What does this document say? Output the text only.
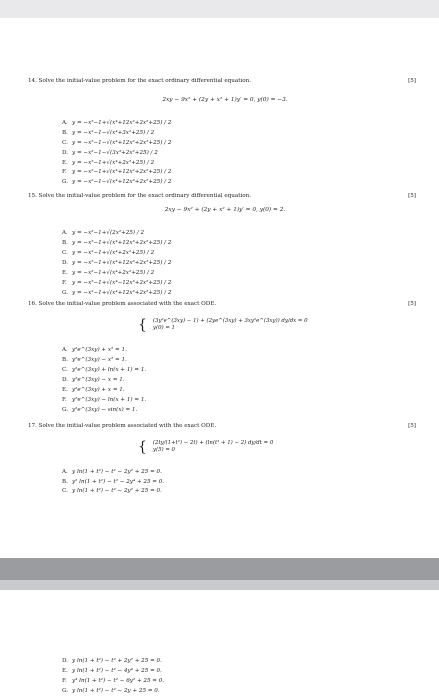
14. Solve the initial-value problem for the exact ordinary differential equation.	[5]
2xy − 9x² + (2y + x² + 1)y′ = 0, y(0) = −3.
A. y = −x²−1+√(x⁴+12x²+2x²+25) / 2
B. y = −x²−1−√(x⁴+3x²+25) / 2
C. y = −x²−1−√(x⁴+12x²+2x²+25) / 2
D. y = −x²−1−√(3x³+2x²+25) / 2
E. y = −x²−1+√(x⁴+2x²+25) / 2
F. y = −x²−1+√(x⁴+12x²+2x²+25) / 2
G. y = −x²−1−√(x⁴+12x³+2x²+25) / 2
15. Solve the initial-value problem for the exact ordinary differential equation.	[5]
2xy − 9x² + (2y + x² + 1)y′ = 0, y(0) = 2.
A. y = −x²−1+√(2x²+25) / 2
B. y = −x²−1+√(x⁴+12x³+2x²+25) / 2
C. y = −x²−1+√(x⁴+2x²+25) / 2
D. y = −x²−1+√(x⁴+12x³+2x²+25) / 2
E. y = −x²−1+√(x⁴+2x²+25) / 2
F. y = −x²−1+√(x⁴−12x³+2x²+25) / 2
G. y = −x²−1+√(x⁴+12x³+2x²+25) / 2
16. Solve the initial-value problem associated with the exact ODE.	[5]
{ (3y²e^(3xy) − 1) + (2ye^(3xy) + 3xy²e^(3xy)) dy/dx = 0
y(0) = 1
A. y²e^(3xy) + x² = 1.
B. y²e^(3xy) − x² = 1.
C. y²e^(3xy) + ln(x + 1) = 1.
D. y²e^(3xy) − x = 1.
E. y²e^(3xy) + x = 1.
F. y²e^(3xy) − ln(x + 1) = 1.
G. y²e^(3xy) − sin(x) = 1.
17. Solve the initial-value problem associated with the exact ODE.	[5]
{ (2ty/(1+t²) − 2t) + (ln(t² + 1) − 2) dy/dt = 0
y(5) = 0
A. y ln(1 + t²) − t² − 2y² + 25 = 0.
B. y² ln(1 + t²) − t² − 2y⁴ + 25 = 0.
C. y ln(1 + t²) − t² − 2y² + 25 = 0.
D. y ln(1 + t²) − t² + 2y² + 25 = 0.
E. y ln(1 + t²) − t² − 4y⁴ + 25 = 0.
F. y³ ln(1 + t²) − t² − 6y² + 25 = 0.
G. y ln(1 + t²) − t² − 2y + 25 = 0.
